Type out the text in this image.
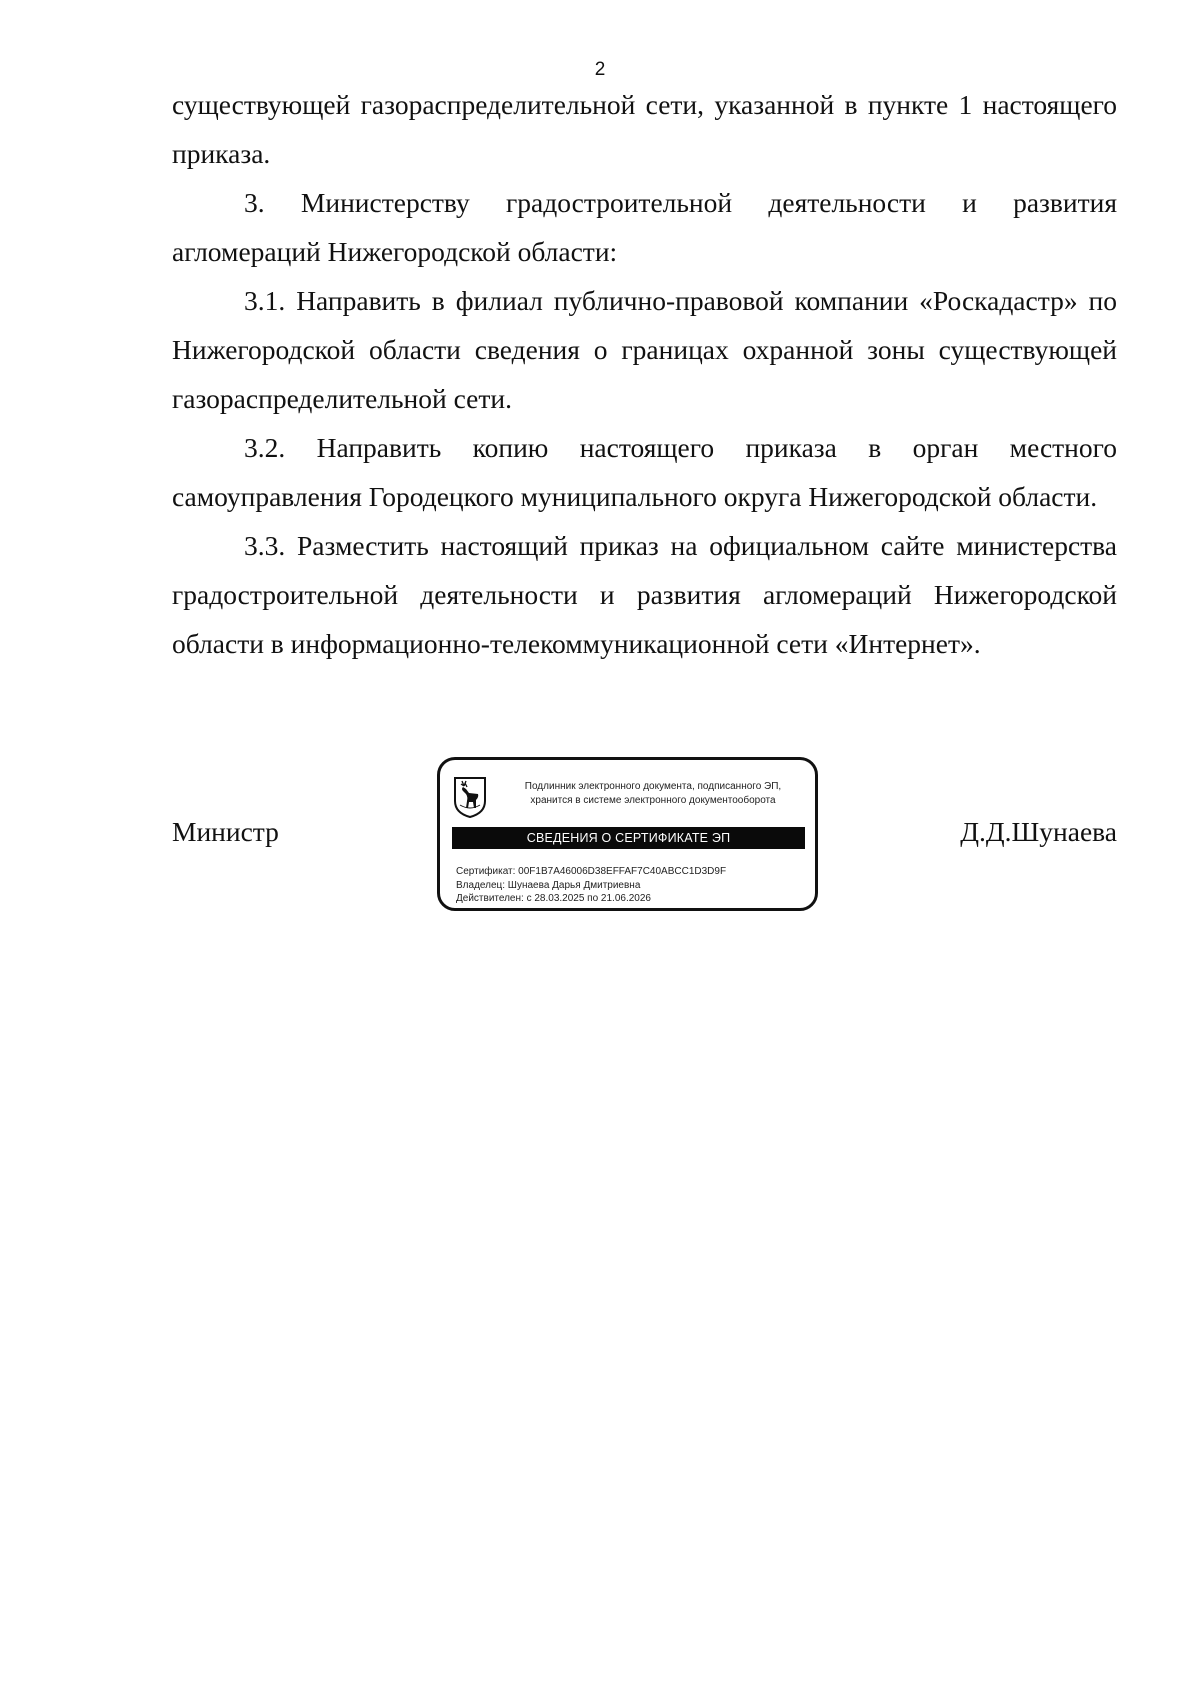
2

существующей газораспределительной сети, указанной в пункте 1 настоящего приказа.

3. Министерству градостроительной деятельности и развития агломераций Нижегородской области:

3.1. Направить в филиал публично-правовой компании «Роскадастр» по Нижегородской области сведения о границах охранной зоны существующей газораспределительной сети.

3.2. Направить копию настоящего приказа в орган местного самоуправления Городецкого муниципального округа Нижегородской области.

3.3. Разместить настоящий приказ на официальном сайте министерства градостроительной деятельности и развития агломераций Нижегородской области в информационно-телекоммуникационной сети «Интернет».

Министр	Д.Д.Шунаева
Подлинник электронного документа, подписанного ЭП,
хранится в системе электронного документооборота
СВЕДЕНИЯ О СЕРТИФИКАТЕ ЭП
Сертификат: 00F1B7A46006D38EFFAF7C40ABCC1D3D9F
Владелец: Шунаева Дарья Дмитриевна
Действителен: с 28.03.2025 по 21.06.2026
